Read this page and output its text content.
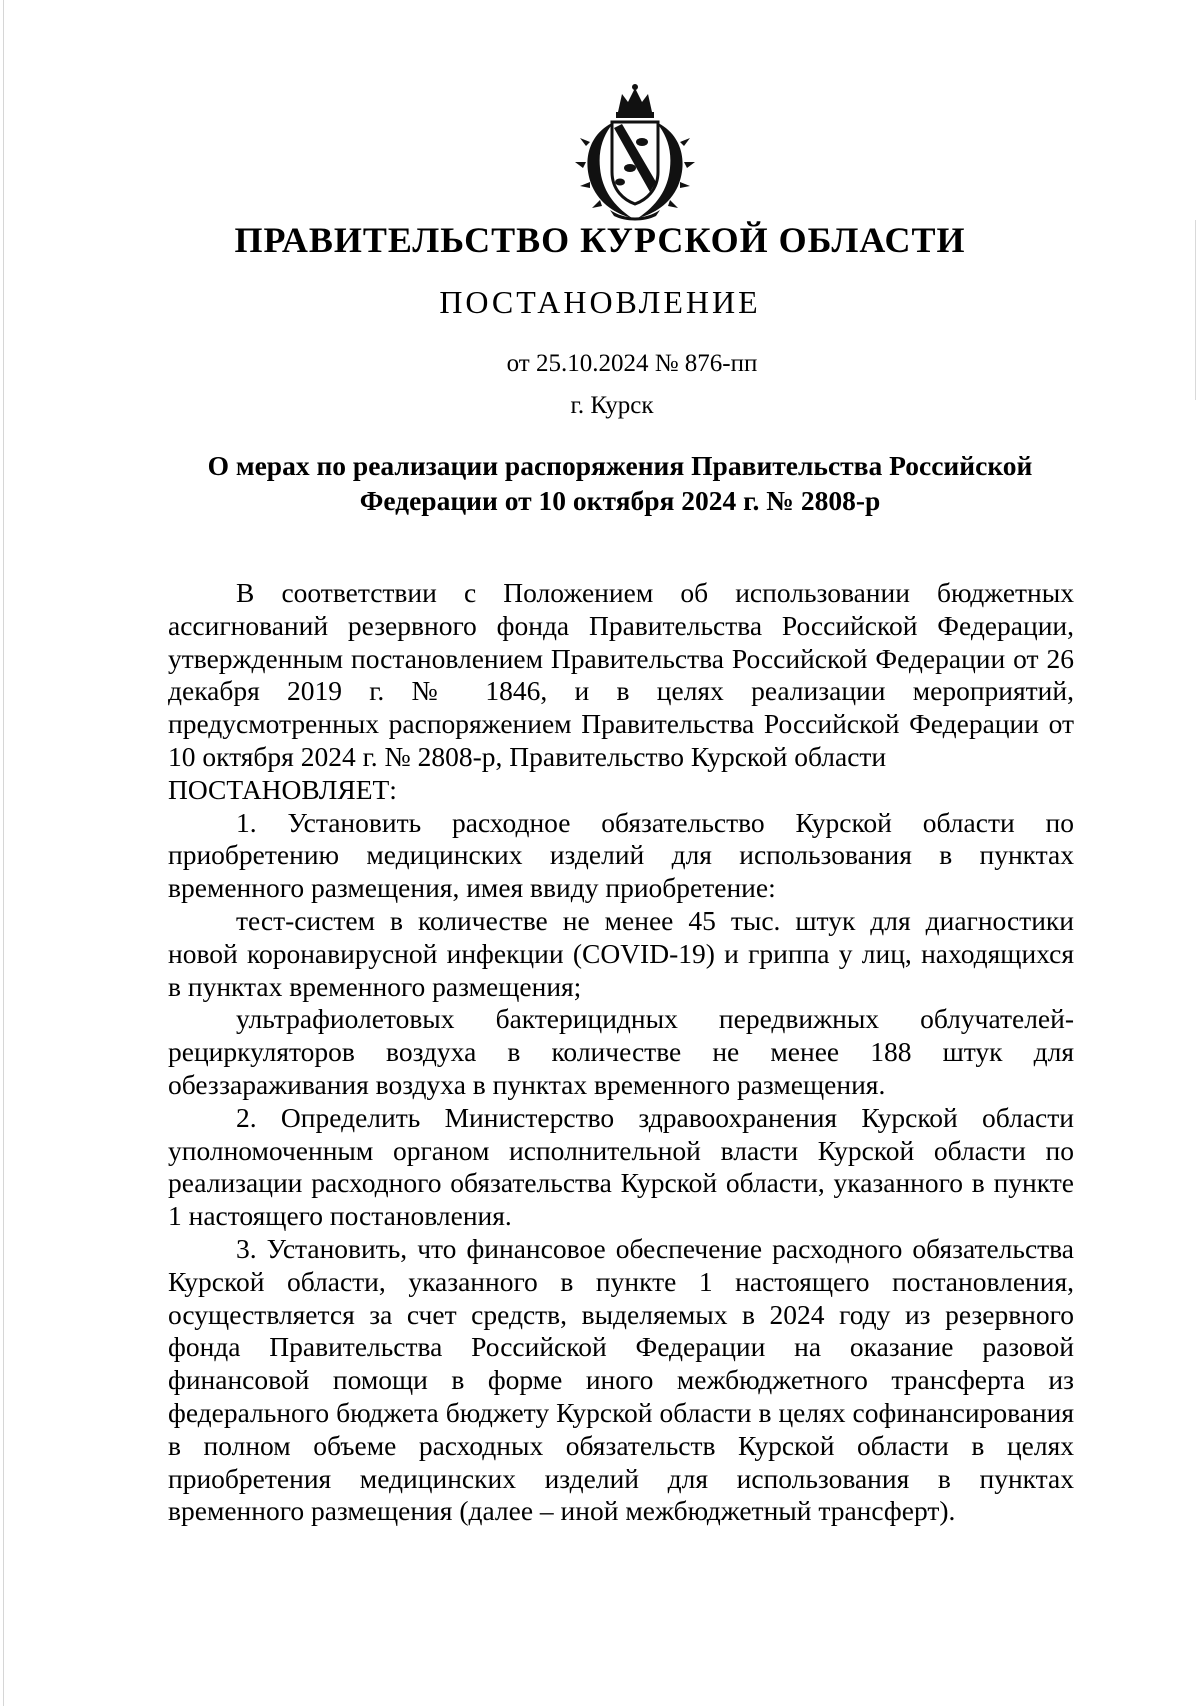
ПРАВИТЕЛЬСТВО КУРСКОЙ ОБЛАСТИ
ПОСТАНОВЛЕНИЕ
от 25.10.2024 № 876-пп
г. Курск
О мерах по реализации распоряжения Правительства Российской
Федерации от 10 октября 2024 г. № 2808-р

В соответствии с Положением об использовании бюджетных ассигнований резервного фонда Правительства Российской Федерации, утвержденным постановлением Правительства Российской Федерации от 26 декабря 2019 г. № 1846, и в целях реализации мероприятий, предусмотренных распоряжением Правительства Российской Федерации от 10 октября 2024 г. № 2808-р, Правительство Курской области

ПОСТАНОВЛЯЕТ:

1. Установить расходное обязательство Курской области по приобретению медицинских изделий для использования в пунктах временного размещения, имея ввиду приобретение:

тест-систем в количестве не менее 45 тыс. штук для диагностики новой коронавирусной инфекции (COVID-19) и гриппа у лиц, находящихся в пунктах временного размещения;

ультрафиолетовых бактерицидных передвижных облучателей-рециркуляторов воздуха в количестве не менее 188 штук для обеззараживания воздуха в пунктах временного размещения.

2. Определить Министерство здравоохранения Курской области уполномоченным органом исполнительной власти Курской области по реализации расходного обязательства Курской области, указанного в пункте 1 настоящего постановления.

3. Установить, что финансовое обеспечение расходного обязательства Курской области, указанного в пункте 1 настоящего постановления, осуществляется за счет средств, выделяемых в 2024 году из резервного фонда Правительства Российской Федерации на оказание разовой финансовой помощи в форме иного межбюджетного трансферта из федерального бюджета бюджету Курской области в целях софинансирования в полном объеме расходных обязательств Курской области в целях приобретения медицинских изделий для использования в пунктах временного размещения (далее – иной межбюджетный трансферт).
